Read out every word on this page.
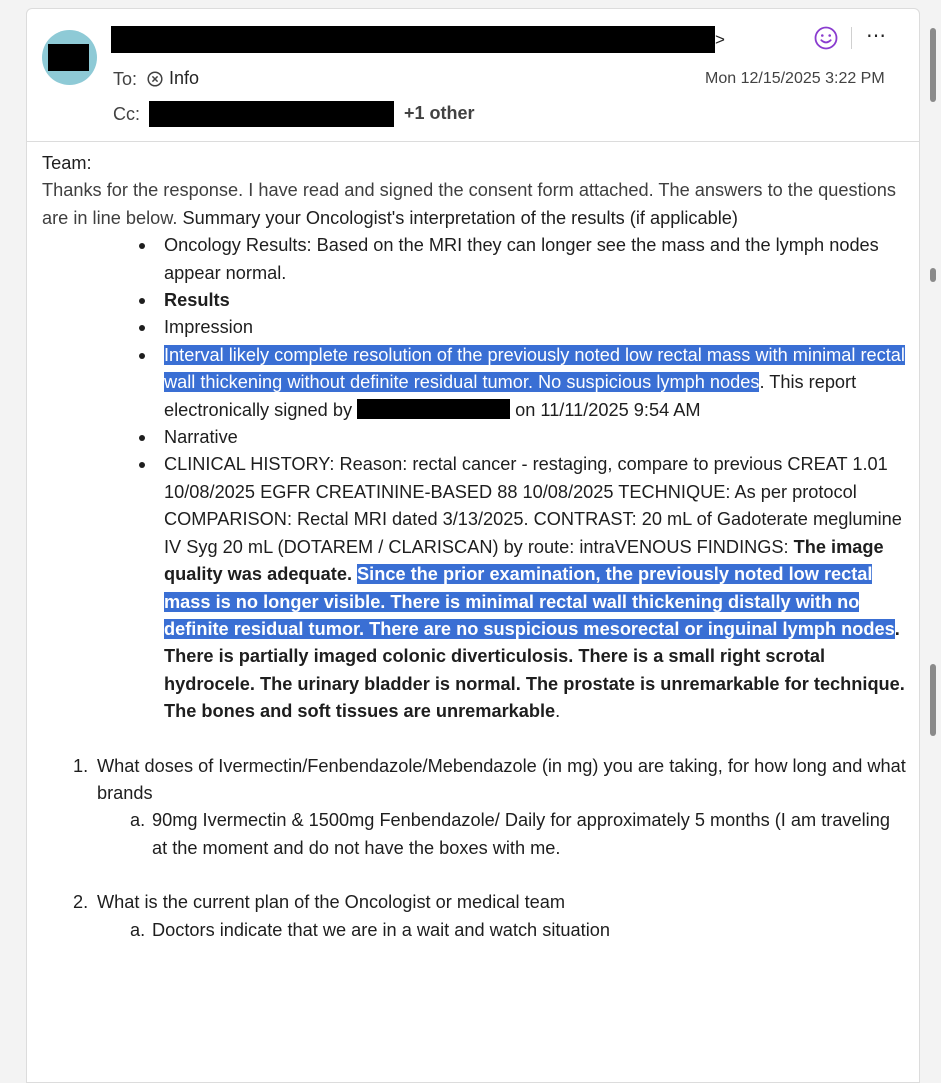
>	⋯
To: Info	Mon 12/15/2025 3:22 PM
Cc:	+1 other

Team:

Thanks for the response. I have read and signed the consent form attached. The answers to the questions are in line below. Summary your Oncologist's interpretation of the results (if applicable)

Oncology Results: Based on the MRI they can longer see the mass and the lymph nodes appear normal.
Results
Impression
Interval likely complete resolution of the previously noted low rectal mass with minimal rectal wall thickening without definite residual tumor. No suspicious lymph nodes. This report electronically signed by	on 11/11/2025 9:54 AM
Narrative
CLINICAL HISTORY: Reason: rectal cancer - restaging, compare to previous CREAT 1.01 10/08/2025 EGFR CREATININE-BASED 88 10/08/2025 TECHNIQUE: As per protocol COMPARISON: Rectal MRI dated 3/13/2025. CONTRAST: 20 mL of Gadoterate meglumine IV Syg 20 mL (DOTAREM / CLARISCAN) by route: intraVENOUS FINDINGS: The image quality was adequate. Since the prior examination, the previously noted low rectal mass is no longer visible. There is minimal rectal wall thickening distally with no definite residual tumor. There are no suspicious mesorectal or inguinal lymph nodes. There is partially imaged colonic diverticulosis. There is a small right scrotal hydrocele. The urinary bladder is normal. The prostate is unremarkable for technique. The bones and soft tissues are unremarkable.
1. What doses of Ivermectin/Fenbendazole/Mebendazole (in mg) you are taking, for how long and what brands
a. 90mg Ivermectin & 1500mg Fenbendazole/ Daily for approximately 5 months (I am traveling at the moment and do not have the boxes with me.
2. What is the current plan of the Oncologist or medical team
a. Doctors indicate that we are in a wait and watch situation
